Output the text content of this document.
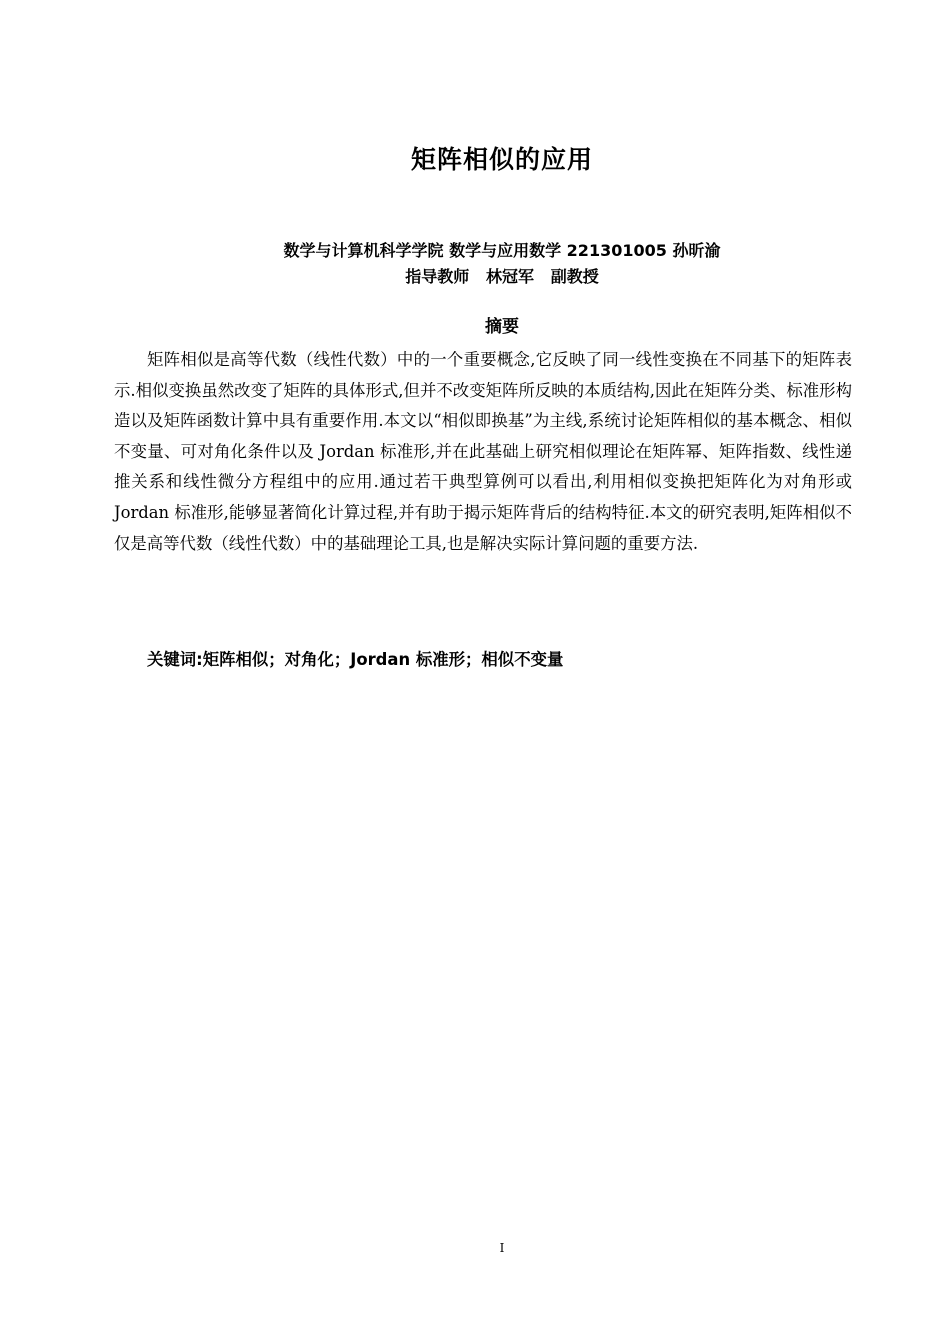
矩阵相似的应用
数学与计算机科学学院 数学与应用数学 221301005 孙昕渝
指导教师   林冠军   副教授
摘要

矩阵相似是高等代数（线性代数）中的一个重要概念,它反映了同一线性变换在不同基下的矩阵表示.相似变换虽然改变了矩阵的具体形式,但并不改变矩阵所反映的本质结构,因此在矩阵分类、标准形构造以及矩阵函数计算中具有重要作用.本文以“相似即换基”为主线,系统讨论矩阵相似的基本概念、相似不变量、可对角化条件以及 Jordan 标准形,并在此基础上研究相似理论在矩阵幂、矩阵指数、线性递推关系和线性微分方程组中的应用.通过若干典型算例可以看出,利用相似变换把矩阵化为对角形或 Jordan 标准形,能够显著简化计算过程,并有助于揭示矩阵背后的结构特征.本文的研究表明,矩阵相似不仅是高等代数（线性代数）中的基础理论工具,也是解决实际计算问题的重要方法.

关键词:矩阵相似；对角化；Jordan 标准形；相似不变量
I
